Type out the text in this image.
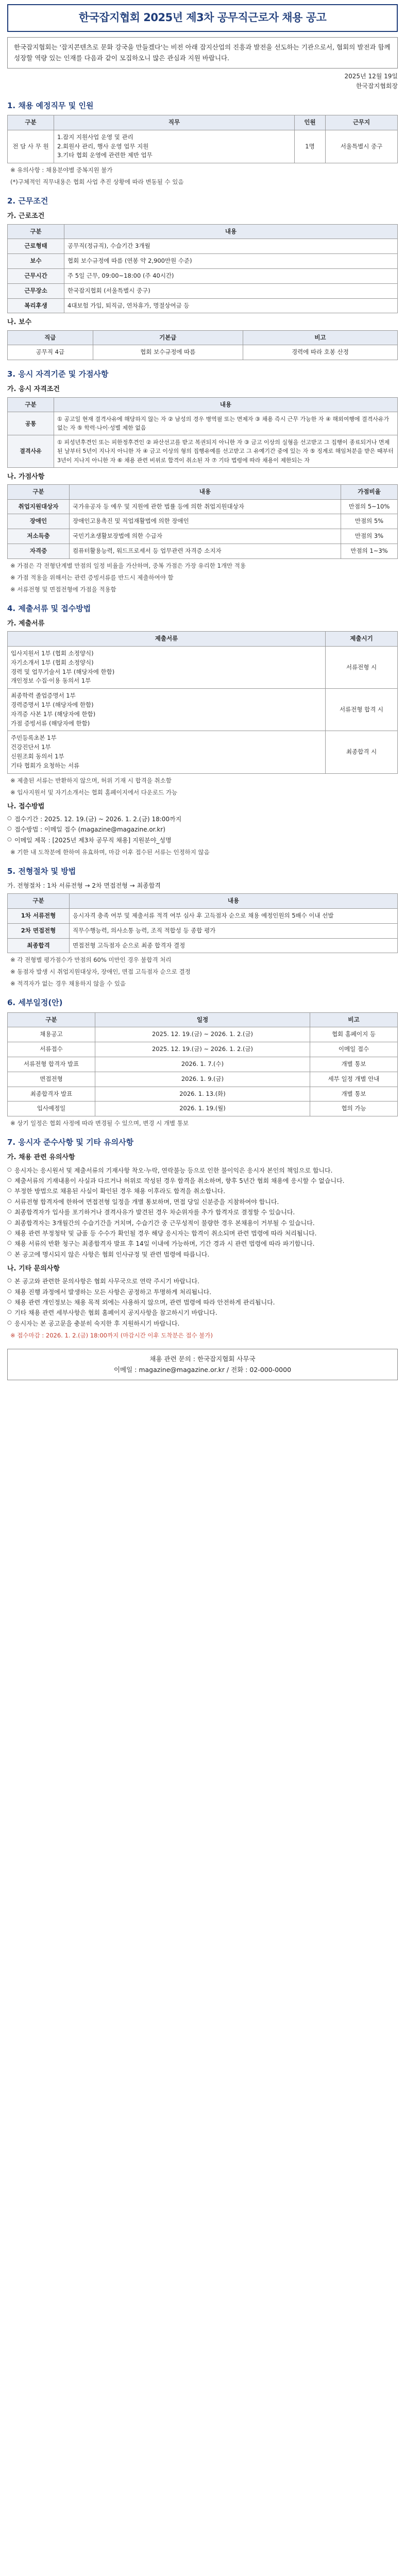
한국잡지협회 2025년 제3차 공무직근로자 채용 공고
한국잡지협회는 '잡지콘텐츠로 문화 강국을 만들겠다'는 비전 아래 잡지산업의 진흥과 발전을 선도하는 기관으로서, 협회의 발전과 함께 성장할 역량 있는 인재를 다음과 같이 모집하오니 많은 관심과 지원 바랍니다.
2025년 12월 19일
한국잡지협회장
1. 채용 예정직무 및 인원
구분	직무	인원	근무지
전 담 사 무 원	1.잡지 지원사업 운영 및 관리
2.회원사 관리, 행사 운영 업무 지원
3.기타 협회 운영에 관련한 제반 업무	1명	서울특별시 중구
※ 유의사항 : 채용분야별 중복지원 불가
(*)구체적인 직무내용은 협회 사업 추진 상황에 따라 변동될 수 있음
2. 근무조건
가. 근로조건
구분	내용
근로형태	공무직(정규직), 수습기간 3개월
보수	협회 보수규정에 따름 (연봉 약 2,900만원 수준)
근무시간	주 5일 근무, 09:00~18:00 (주 40시간)
근무장소	한국잡지협회 (서울특별시 중구)
복리후생	4대보험 가입, 퇴직금, 연차휴가, 명절상여금 등
나. 보수
직급	기본급	비고
공무직 4급	협회 보수규정에 따름	경력에 따라 호봉 산정
3. 응시 자격기준 및 가점사항
가. 응시 자격조건
구분	내용
공통	① 공고일 현재 결격사유에 해당하지 않는 자 ② 남성의 경우 병역필 또는 면제자 ③ 채용 즉시 근무 가능한 자 ④ 해외여행에 결격사유가 없는 자 ⑤ 학력·나이·성별 제한 없음
결격사유	① 피성년후견인 또는 피한정후견인 ② 파산선고를 받고 복권되지 아니한 자 ③ 금고 이상의 실형을 선고받고 그 집행이 종료되거나 면제된 날부터 5년이 지나지 아니한 자 ④ 금고 이상의 형의 집행유예를 선고받고 그 유예기간 중에 있는 자 ⑤ 징계로 해임처분을 받은 때부터 3년이 지나지 아니한 자 ⑥ 채용 관련 비위로 합격이 취소된 자 ⑦ 기타 법령에 따라 채용이 제한되는 자
나. 가점사항
구분	내용	가점비율
취업지원대상자	국가유공자 등 예우 및 지원에 관한 법률 등에 의한 취업지원대상자	만점의 5~10%
장애인	장애인고용촉진 및 직업재활법에 의한 장애인	만점의 5%
저소득층	국민기초생활보장법에 의한 수급자	만점의 3%
자격증	컴퓨터활용능력, 워드프로세서 등 업무관련 자격증 소지자	만점의 1~3%
※ 가점은 각 전형단계별 만점의 일정 비율을 가산하며, 중복 가점은 가장 유리한 1개만 적용
※ 가점 적용을 위해서는 관련 증빙서류를 반드시 제출하여야 함
※ 서류전형 및 면접전형에 가점을 적용함
4. 제출서류 및 접수방법
가. 제출서류
제출서류	제출시기
입사지원서 1부 (협회 소정양식)
자기소개서 1부 (협회 소정양식)
경력 및 업무기술서 1부 (해당자에 한함)
개인정보 수집·이용 동의서 1부	서류전형 시
최종학력 졸업증명서 1부
경력증명서 1부 (해당자에 한함)
자격증 사본 1부 (해당자에 한함)
가점 증빙서류 (해당자에 한함)	서류전형 합격 시
주민등록초본 1부
건강진단서 1부
신원조회 동의서 1부
기타 협회가 요청하는 서류	최종합격 시
※ 제출된 서류는 반환하지 않으며, 허위 기재 시 합격을 취소함
※ 입사지원서 및 자기소개서는 협회 홈페이지에서 다운로드 가능
나. 접수방법
○ 접수기간 : 2025. 12. 19.(금) ~ 2026. 1. 2.(금) 18:00까지
○ 접수방법 : 이메일 접수 (magazine@magazine.or.kr)
○ 이메일 제목 : [2025년 제3차 공무직 채용] 지원분야_성명
※ 기한 내 도착분에 한하여 유효하며, 마감 이후 접수된 서류는 인정하지 않음
5. 전형절차 및 방법
가. 전형절차 : 1차 서류전형 → 2차 면접전형 → 최종합격
구분	내용
1차 서류전형	응시자격 충족 여부 및 제출서류 적격 여부 심사 후 고득점자 순으로 채용 예정인원의 5배수 이내 선발
2차 면접전형	직무수행능력, 의사소통 능력, 조직 적합성 등 종합 평가
최종합격	면접전형 고득점자 순으로 최종 합격자 결정
※ 각 전형별 평가점수가 만점의 60% 미만인 경우 불합격 처리
※ 동점자 발생 시 취업지원대상자, 장애인, 면접 고득점자 순으로 결정
※ 적격자가 없는 경우 채용하지 않을 수 있음
6. 세부일정(안)
구분	일정	비고
채용공고	2025. 12. 19.(금) ~ 2026. 1. 2.(금)	협회 홈페이지 등
서류접수	2025. 12. 19.(금) ~ 2026. 1. 2.(금)	이메일 접수
서류전형 합격자 발표	2026. 1. 7.(수)	개별 통보
면접전형	2026. 1. 9.(금)	세부 일정 개별 안내
최종합격자 발표	2026. 1. 13.(화)	개별 통보
입사예정일	2026. 1. 19.(월)	협의 가능
※ 상기 일정은 협회 사정에 따라 변경될 수 있으며, 변경 시 개별 통보
7. 응시자 준수사항 및 기타 유의사항
가. 채용 관련 유의사항
○ 응시자는 응시원서 및 제출서류의 기재사항 착오·누락, 연락불능 등으로 인한 불이익은 응시자 본인의 책임으로 합니다.
○ 제출서류의 기재내용이 사실과 다르거나 허위로 작성된 경우 합격을 취소하며, 향후 5년간 협회 채용에 응시할 수 없습니다.
○ 부정한 방법으로 채용된 사실이 확인된 경우 채용 이후라도 합격을 취소합니다.
○ 서류전형 합격자에 한하여 면접전형 일정을 개별 통보하며, 면접 당일 신분증을 지참하여야 합니다.
○ 최종합격자가 입사를 포기하거나 결격사유가 발견된 경우 차순위자를 추가 합격자로 결정할 수 있습니다.
○ 최종합격자는 3개월간의 수습기간을 거치며, 수습기간 중 근무성적이 불량한 경우 본채용이 거부될 수 있습니다.
○ 채용 관련 부정청탁 및 금품 등 수수가 확인될 경우 해당 응시자는 합격이 취소되며 관련 법령에 따라 처리됩니다.
○ 채용 서류의 반환 청구는 최종합격자 발표 후 14일 이내에 가능하며, 기간 경과 시 관련 법령에 따라 파기합니다.
○ 본 공고에 명시되지 않은 사항은 협회 인사규정 및 관련 법령에 따릅니다.
나. 기타 문의사항
○ 본 공고와 관련한 문의사항은 협회 사무국으로 연락 주시기 바랍니다.
○ 채용 진행 과정에서 발생하는 모든 사항은 공정하고 투명하게 처리됩니다.
○ 채용 관련 개인정보는 채용 목적 외에는 사용하지 않으며, 관련 법령에 따라 안전하게 관리됩니다.
○ 기타 채용 관련 세부사항은 협회 홈페이지 공지사항을 참고하시기 바랍니다.
○ 응시자는 본 공고문을 충분히 숙지한 후 지원하시기 바랍니다.
※ 접수마감 : 2026. 1. 2.(금) 18:00까지 (마감시간 이후 도착분은 접수 불가)
채용 관련 문의 : 한국잡지협회 사무국
이메일 : magazine@magazine.or.kr / 전화 : 02-000-0000
